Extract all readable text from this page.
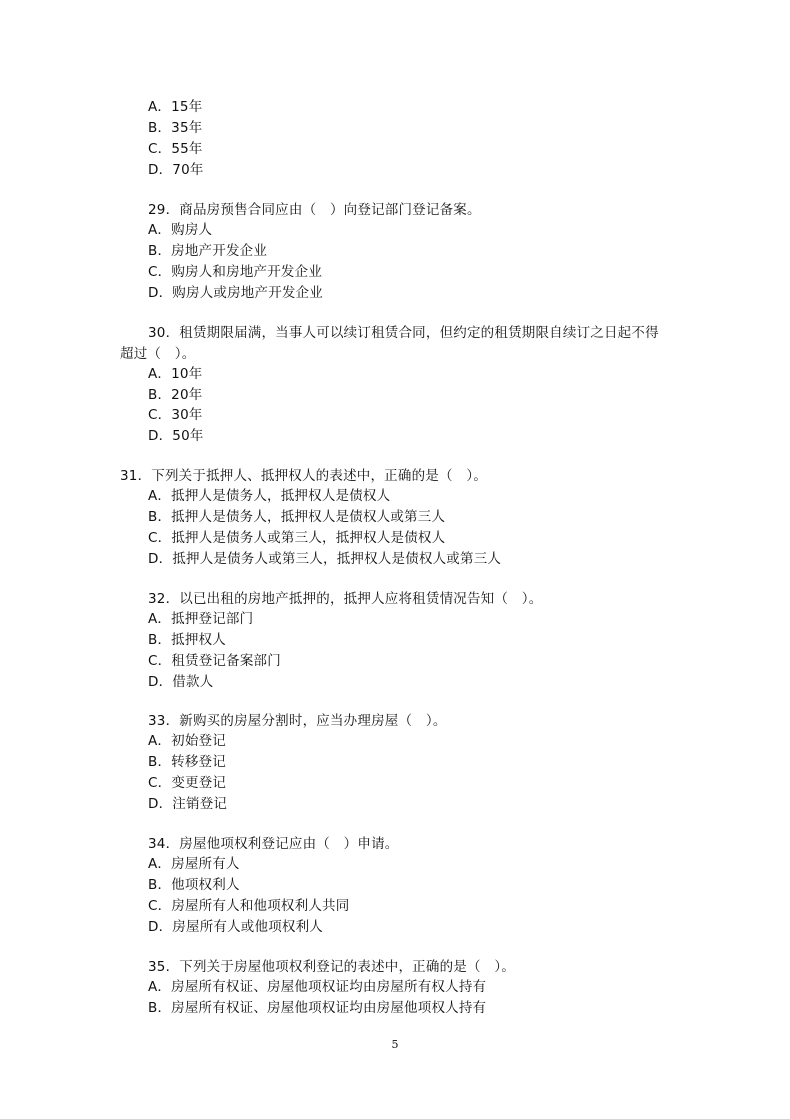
A．15年
B．35年
C．55年
D．70年
29．商品房预售合同应由（　）向登记部门登记备案。
A．购房人
B．房地产开发企业
C．购房人和房地产开发企业
D．购房人或房地产开发企业
30．租赁期限届满，当事人可以续订租赁合同，但约定的租赁期限自续订之日起不得
超过（　）。
A．10年
B．20年
C．30年
D．50年
31．下列关于抵押人、抵押权人的表述中，正确的是（　）。
A．抵押人是债务人，抵押权人是债权人
B．抵押人是债务人，抵押权人是债权人或第三人
C．抵押人是债务人或第三人，抵押权人是债权人
D．抵押人是债务人或第三人，抵押权人是债权人或第三人
32．以已出租的房地产抵押的，抵押人应将租赁情况告知（　）。
A．抵押登记部门
B．抵押权人
C．租赁登记备案部门
D．借款人
33．新购买的房屋分割时，应当办理房屋（　）。
A．初始登记
B．转移登记
C．变更登记
D．注销登记
34．房屋他项权利登记应由（　）申请。
A．房屋所有人
B．他项权利人
C．房屋所有人和他项权利人共同
D．房屋所有人或他项权利人
35．下列关于房屋他项权利登记的表述中，正确的是（　）。
A．房屋所有权证、房屋他项权证均由房屋所有权人持有
B．房屋所有权证、房屋他项权证均由房屋他项权人持有
5
